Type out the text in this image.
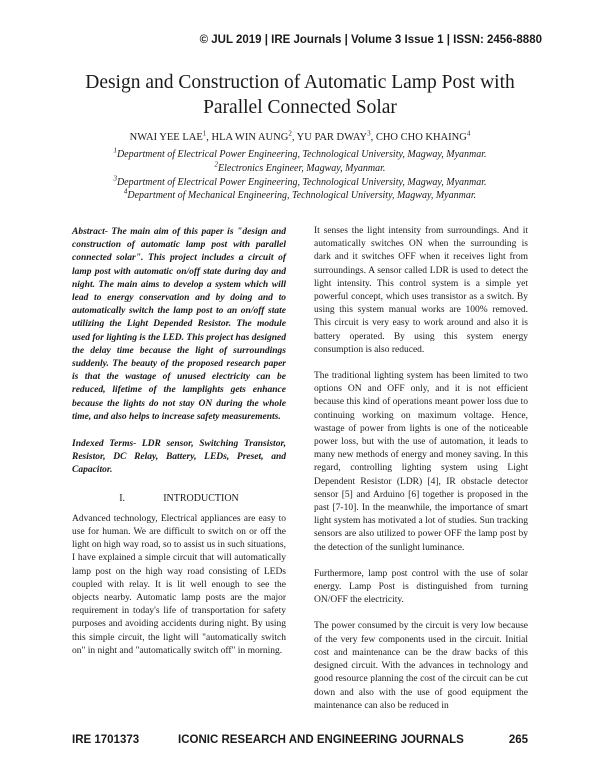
© JUL 2019 | IRE Journals | Volume 3 Issue 1 | ISSN: 2456-8880
Design and Construction of Automatic Lamp Post with
Parallel Connected Solar
NWAI YEE LAE$^1$, HLA WIN AUNG$^2$, YU PAR DWAY$^3$, CHO CHO KHAING$^4$
$^1$Department of Electrical Power Engineering, Technological University, Magway, Myanmar.
$^2$Electronics Engineer, Magway, Myanmar.
$^3$Department of Electrical Power Engineering, Technological University, Magway, Myanmar.
$^4$Department of Mechanical Engineering, Technological University, Magway, Myanmar.
Abstract- The main aim of this paper is "design and construction of automatic lamp post with parallel connected solar". This project includes a circuit of lamp post with automatic on/off state during day and night. The main aims to develop a system which will lead to energy conservation and by doing and to automatically switch the lamp post to an on/off state utilizing the Light Depended Resistor. The module used for lighting is the LED. This project has designed the delay time because the light of surroundings suddenly. The beauty of the proposed research paper is that the wastage of unused electricity can be reduced, lifetime of the lamplights gets enhance because the lights do not stay ON during the whole time, and also helps to increase safety measurements.
Indexed Terms- LDR sensor, Switching Transistor, Resistor, DC Relay, Battery, LEDs, Preset, and Capacitor.
I.	INTRODUCTION

Advanced technology, Electrical appliances are easy to use for human. We are difficult to switch on or off the light on high way road, so to assist us in such situations, I have explained a simple circuit that will automatically lamp post on the high way road consisting of LEDs coupled with relay. It is lit well enough to see the objects nearby. Automatic lamp posts are the major requirement in today's life of transportation for safety purposes and avoiding accidents during night. By using this simple circuit, the light will "automatically switch on" in night and "automatically switch off" in morning.

It senses the light intensity from surroundings. And it automatically switches ON when the surrounding is dark and it switches OFF when it receives light from surroundings. A sensor called LDR is used to detect the light intensity. This control system is a simple yet powerful concept, which uses transistor as a switch. By using this system manual works are 100% removed. This circuit is very easy to work around and also it is battery operated. By using this system energy consumption is also reduced.

The traditional lighting system has been limited to two options ON and OFF only, and it is not efficient because this kind of operations meant power loss due to continuing working on maximum voltage. Hence, wastage of power from lights is one of the noticeable power loss, but with the use of automation, it leads to many new methods of energy and money saving. In this regard, controlling lighting system using Light Dependent Resistor (LDR) [4], IR obstacle detector sensor [5] and Arduino [6] together is proposed in the past [7-10]. In the meanwhile, the importance of smart light system has motivated a lot of studies. Sun tracking sensors are also utilized to power OFF the lamp post by the detection of the sunlight luminance.

Furthermore, lamp post control with the use of solar energy. Lamp Post is distinguished from turning ON/OFF the electricity.

The power consumed by the circuit is very low because of the very few components used in the circuit. Initial cost and maintenance can be the draw backs of this designed circuit. With the advances in technology and good resource planning the cost of the circuit can be cut down and also with the use of good equipment the maintenance can also be reduced in

IRE 1701373	ICONIC RESEARCH AND ENGINEERING JOURNALS	265
